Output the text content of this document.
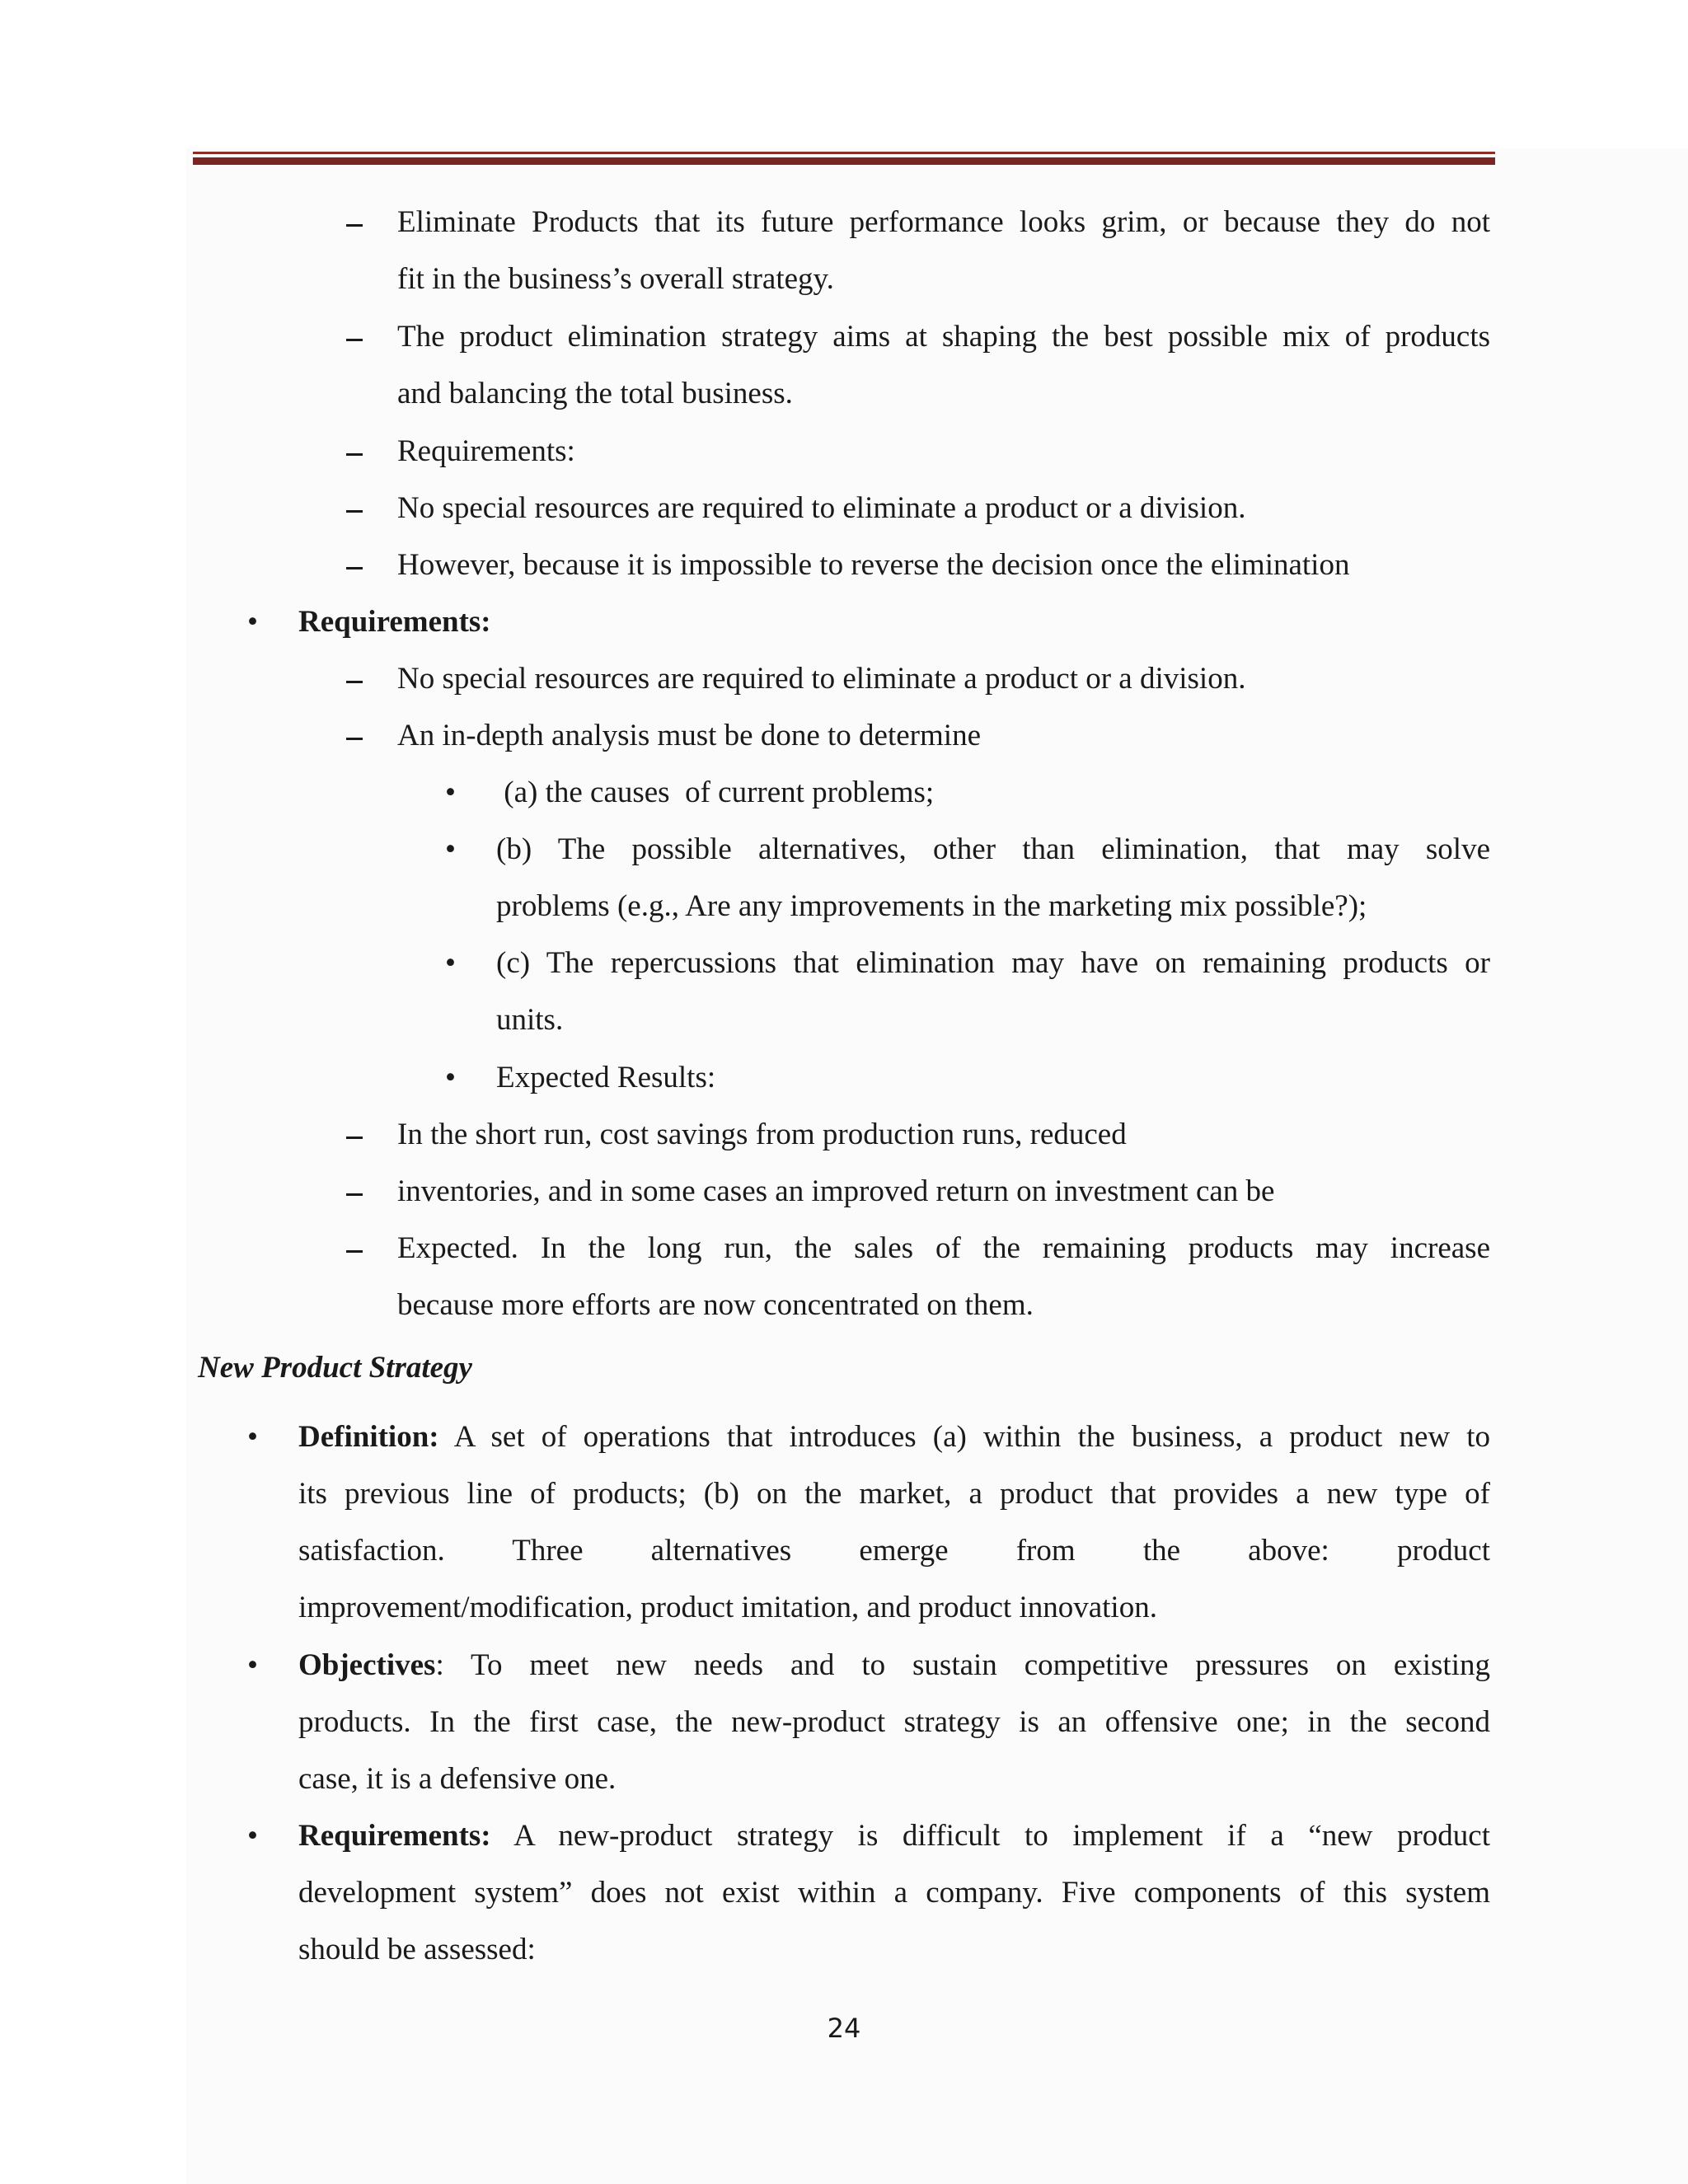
Eliminate Products that its future performance looks grim, or because they do not
fit in the business’s overall strategy.
The product elimination strategy aims at shaping the best possible mix of products
and balancing the total business.
Requirements:
No special resources are required to eliminate a product or a division.
However, because it is impossible to reverse the decision once the elimination
• Requirements:
No special resources are required to eliminate a product or a division.
An in-depth analysis must be done to determine
• (a) the causes  of current problems;
• (b) The possible alternatives, other than elimination, that may solve
problems (e.g., Are any improvements in the marketing mix possible?);
• (c) The repercussions that elimination may have on remaining products or
units.
• Expected Results:
In the short run, cost savings from production runs, reduced
inventories, and in some cases an improved return on investment can be
Expected. In the long run, the sales of the remaining products may increase
because more efforts are now concentrated on them.
New Product Strategy
• Definition: A set of operations that introduces (a) within the business, a product new to
its previous line of products; (b) on the market, a product that provides a new type of
satisfaction. Three alternatives emerge from the above: product
improvement/modification, product imitation, and product innovation.
• Objectives: To meet new needs and to sustain competitive pressures on existing
products. In the first case, the new-product strategy is an offensive one; in the second
case, it is a defensive one.
• Requirements: A new-product strategy is difficult to implement if a “new product
development system” does not exist within a company. Five components of this system
should be assessed:
24
